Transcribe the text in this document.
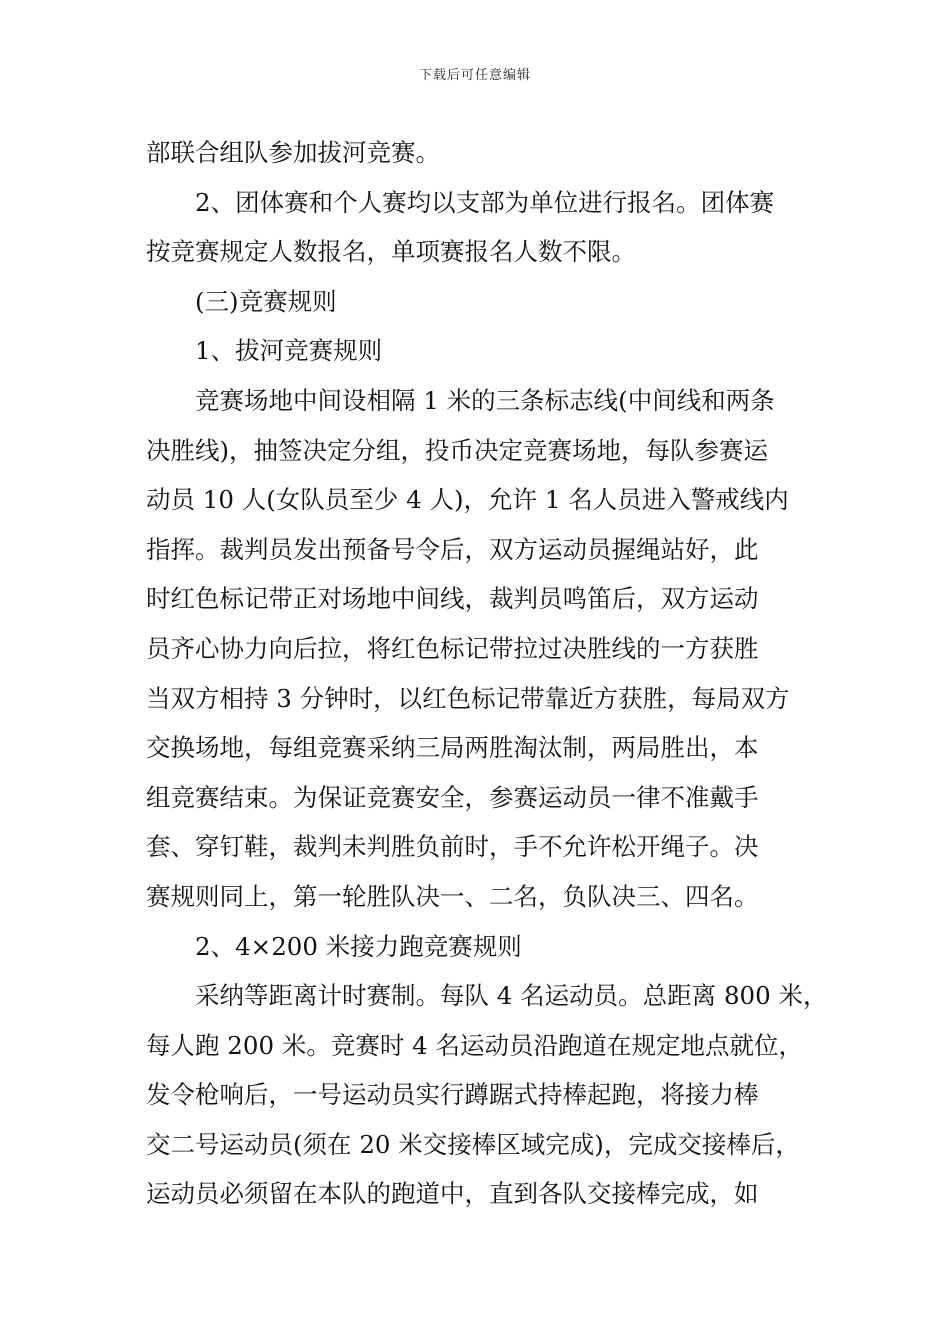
下载后可任意编辑
部联合组队参加拔河竞赛。
2、团体赛和个人赛均以支部为单位进行报名。团体赛
按竞赛规定人数报名，单项赛报名人数不限。
(三)竞赛规则
1、拔河竞赛规则
竞赛场地中间设相隔 1 米的三条标志线(中间线和两条
决胜线)，抽签决定分组，投币决定竞赛场地，每队参赛运
动员 10 人(女队员至少 4 人)，允许 1 名人员进入警戒线内
指挥。裁判员发出预备号令后，双方运动员握绳站好，此
时红色标记带正对场地中间线，裁判员鸣笛后，双方运动
员齐心协力向后拉，将红色标记带拉过决胜线的一方获胜
当双方相持 3 分钟时，以红色标记带靠近方获胜，每局双方
交换场地，每组竞赛采纳三局两胜淘汰制，两局胜出，本
组竞赛结束。为保证竞赛安全，参赛运动员一律不准戴手
套、穿钉鞋，裁判未判胜负前时，手不允许松开绳子。决
赛规则同上，第一轮胜队决一、二名，负队决三、四名。
2、4×200 米接力跑竞赛规则
采纳等距离计时赛制。每队 4 名运动员。总距离 800 米，
每人跑 200 米。竞赛时 4 名运动员沿跑道在规定地点就位，
发令枪响后，一号运动员实行蹲踞式持棒起跑，将接力棒
交二号运动员(须在 20 米交接棒区域完成)，完成交接棒后，
运动员必须留在本队的跑道中，直到各队交接棒完成，如
